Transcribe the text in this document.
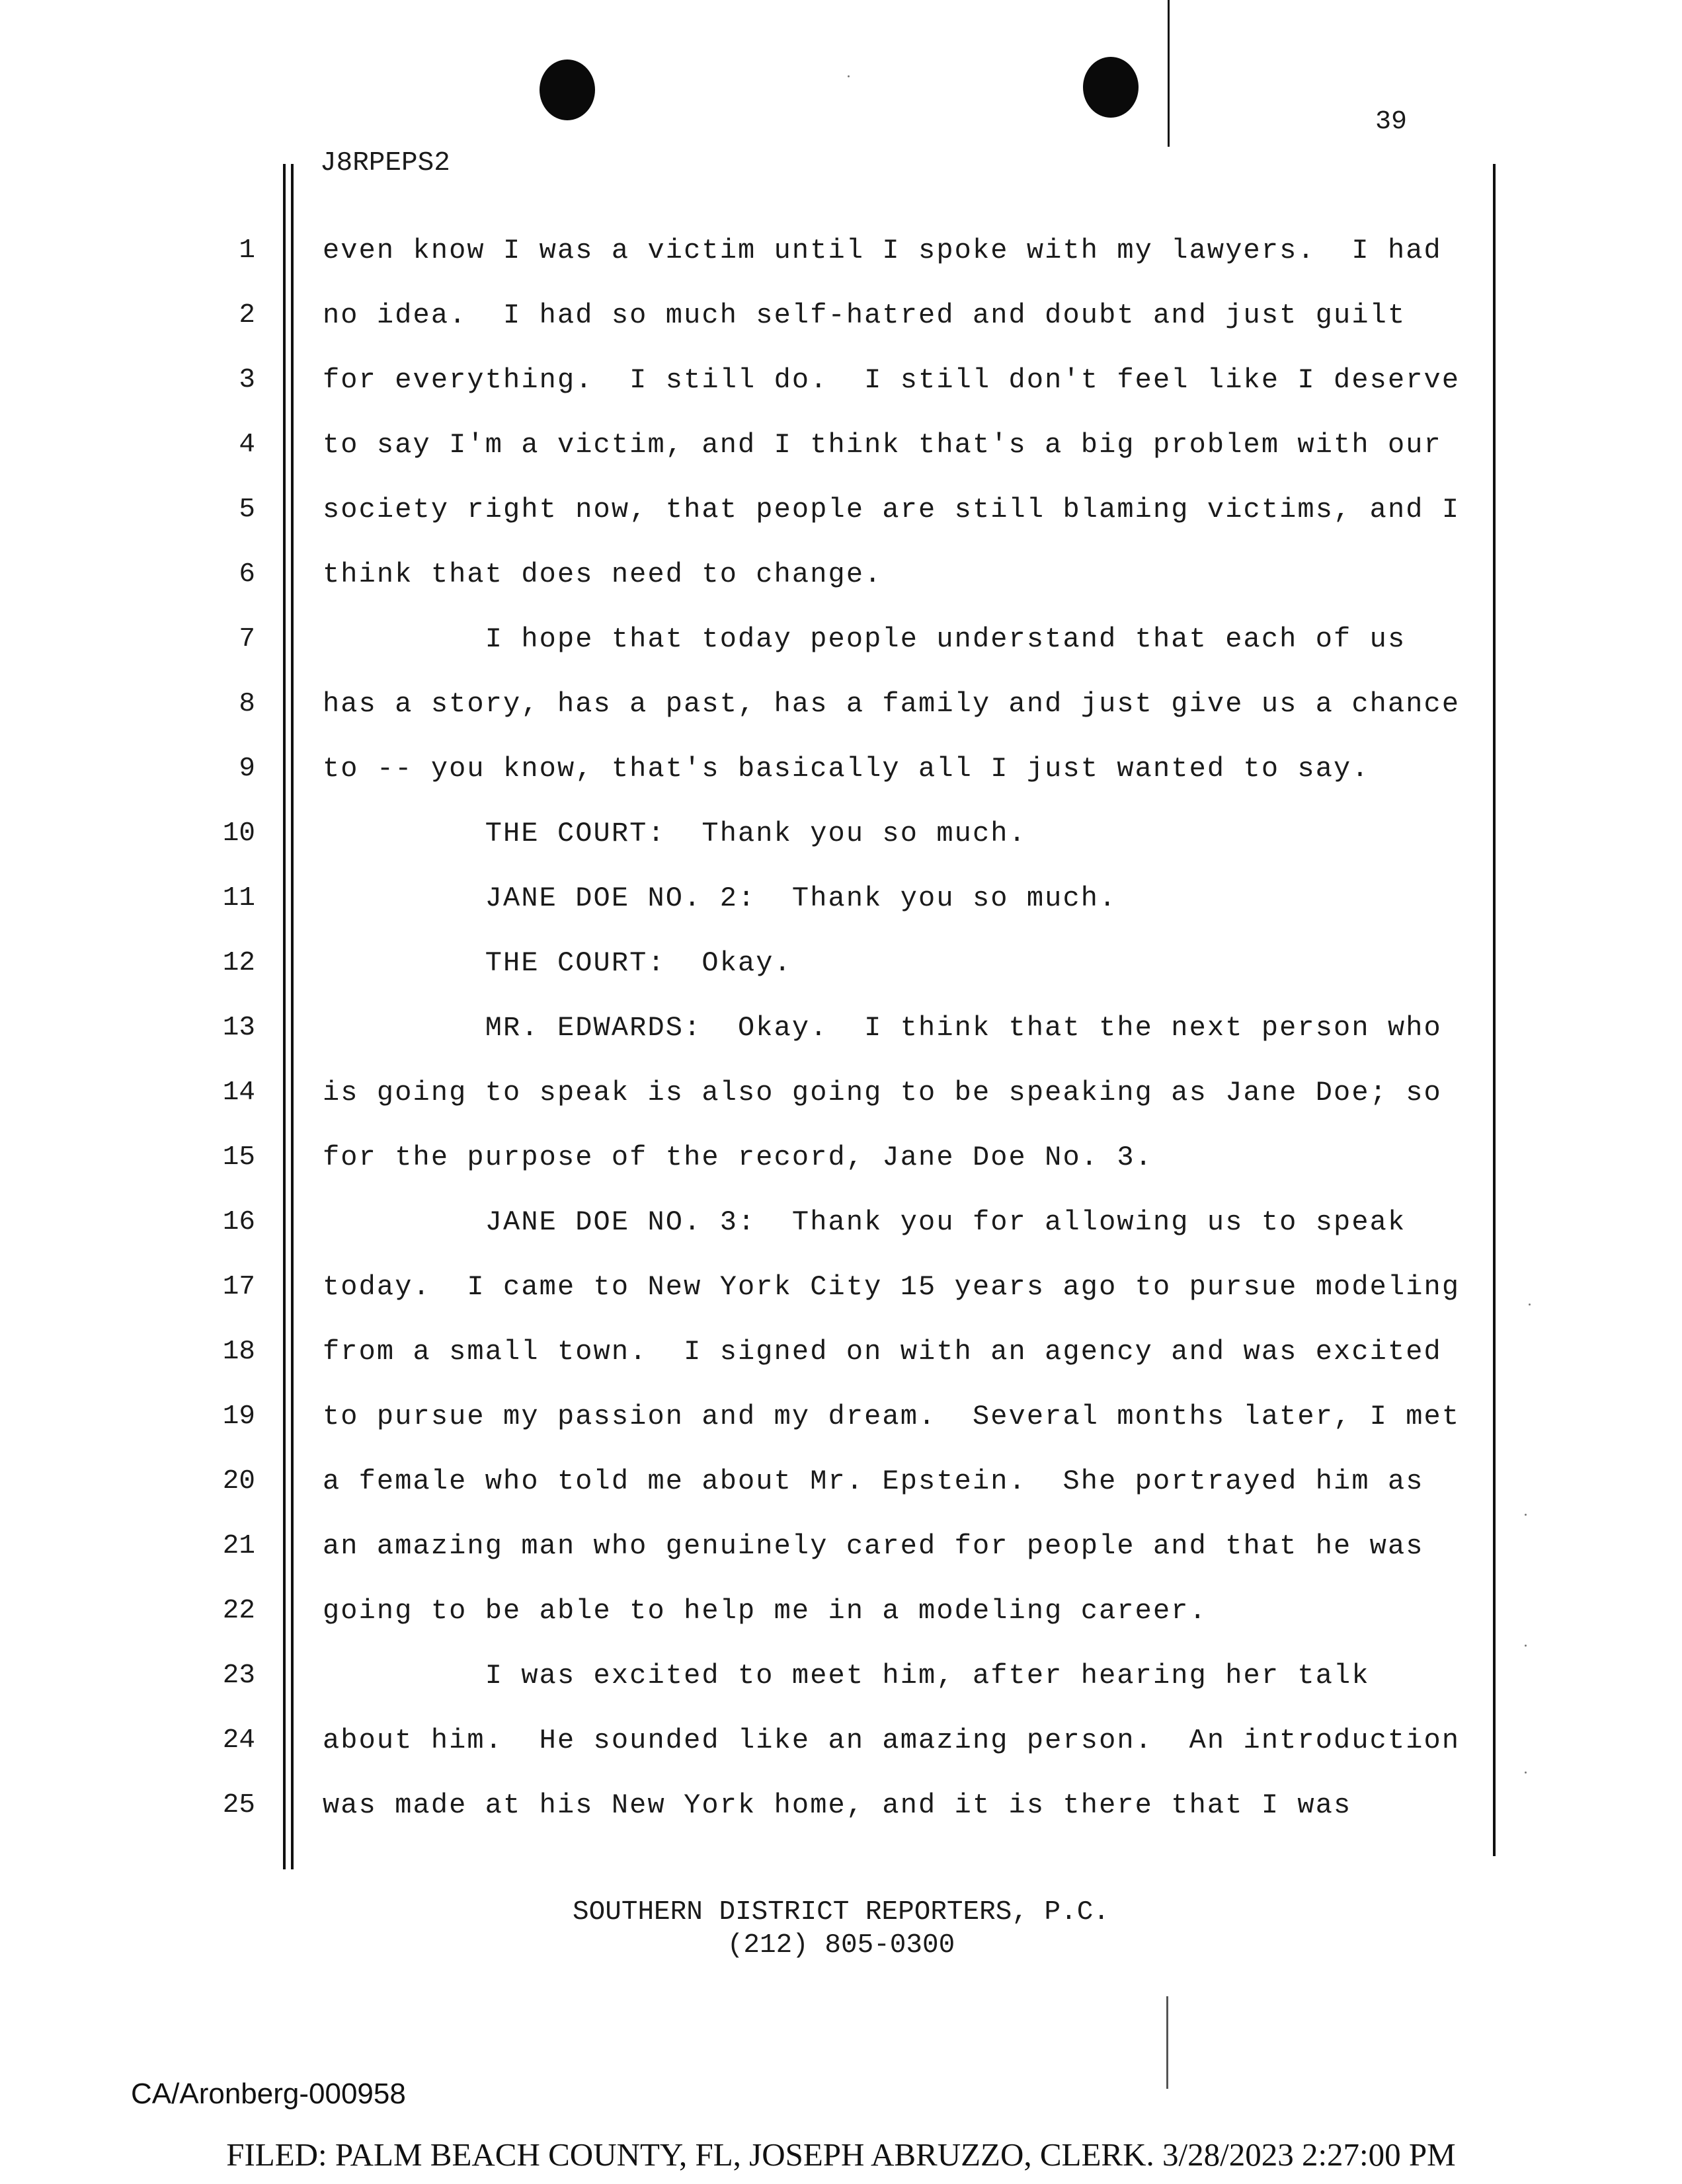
39
J8RPEPS2
1 even know I was a victim until I spoke with my lawyers.  I had
2 no idea.  I had so much self-hatred and doubt and just guilt
3 for everything.  I still do.  I still don't feel like I deserve
4 to say I'm a victim, and I think that's a big problem with our
5 society right now, that people are still blaming victims, and I
6 think that does need to change.
7 I hope that today people understand that each of us
8 has a story, has a past, has a family and just give us a chance
9 to -- you know, that's basically all I just wanted to say.
10 THE COURT:  Thank you so much.
11 JANE DOE NO. 2:  Thank you so much.
12 THE COURT:  Okay.
13 MR. EDWARDS:  Okay.  I think that the next person who
14 is going to speak is also going to be speaking as Jane Doe; so
15 for the purpose of the record, Jane Doe No. 3.
16 JANE DOE NO. 3:  Thank you for allowing us to speak
17 today.  I came to New York City 15 years ago to pursue modeling
18 from a small town.  I signed on with an agency and was excited
19 to pursue my passion and my dream.  Several months later, I met
20 a female who told me about Mr. Epstein.  She portrayed him as
21 an amazing man who genuinely cared for people and that he was
22 going to be able to help me in a modeling career.
23 I was excited to meet him, after hearing her talk
24 about him.  He sounded like an amazing person.  An introduction
25 was made at his New York home, and it is there that I was
SOUTHERN DISTRICT REPORTERS, P.C.
(212) 805-0300
CA/Aronberg-000958
FILED: PALM BEACH COUNTY, FL, JOSEPH ABRUZZO, CLERK. 3/28/2023 2:27:00 PM
